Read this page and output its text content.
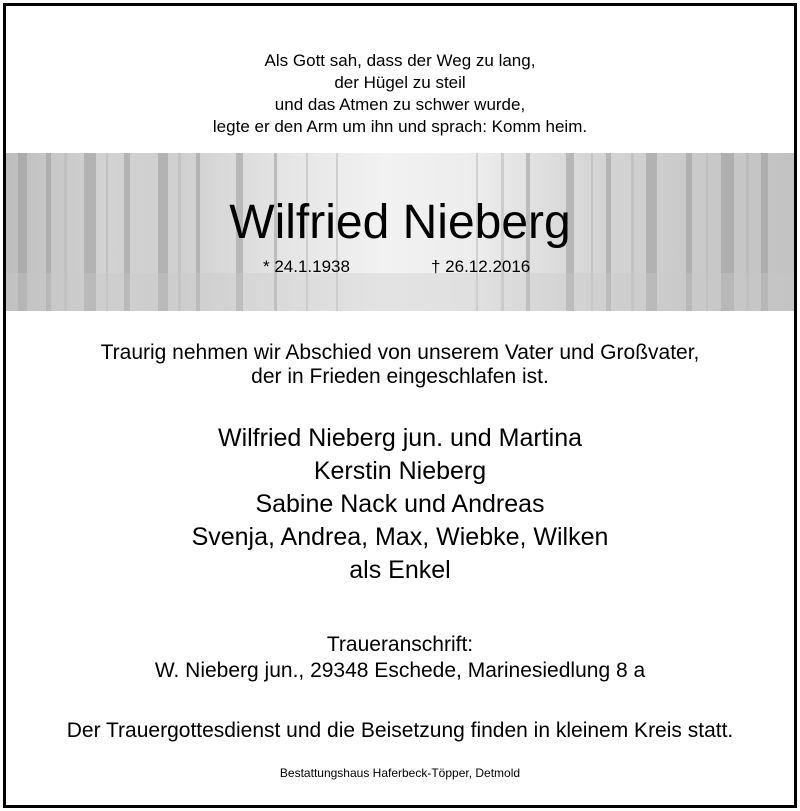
Als Gott sah, dass der Weg zu lang,
der Hügel zu steil
und das Atmen zu schwer wurde,
legte er den Arm um ihn und sprach: Komm heim.
Wilfried Nieberg
* 24.1.1938	† 26.12.2016
Traurig nehmen wir Abschied von unserem Vater und Großvater,
der in Frieden eingeschlafen ist.
Wilfried Nieberg jun. und Martina
Kerstin Nieberg
Sabine Nack und Andreas
Svenja, Andrea, Max, Wiebke, Wilken
als Enkel
Traueranschrift:
W. Nieberg jun., 29348 Eschede, Marinesiedlung 8 a
Der Trauergottesdienst und die Beisetzung finden in kleinem Kreis statt.
Bestattungshaus Haferbeck-Töpper, Detmold
